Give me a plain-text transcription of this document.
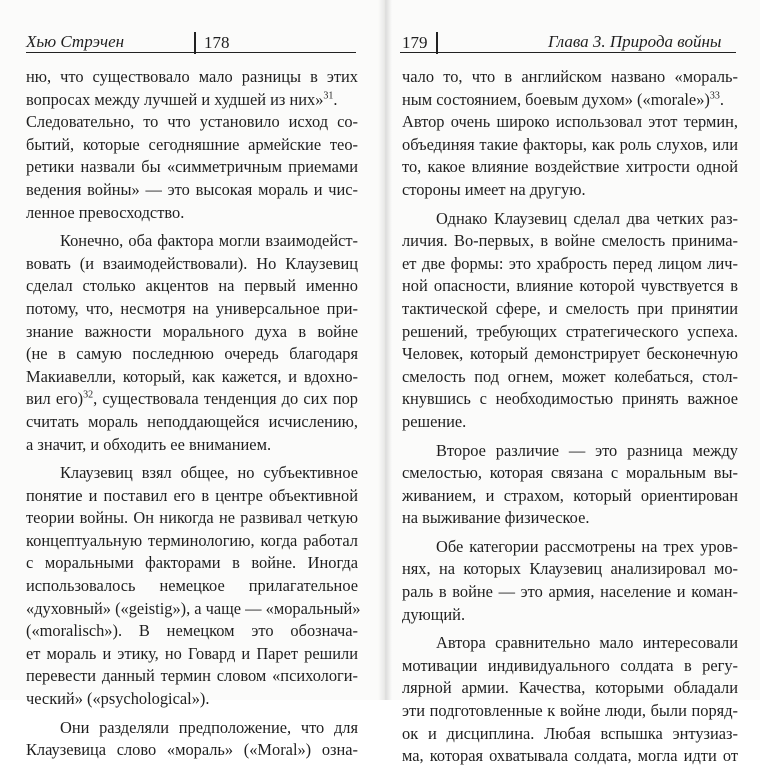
Хью Стрэчен	178
ню, что существовало мало разницы в этих
вопросах между лучшей и худшей из них»$^{31}$.
Следовательно, то что установило исход со-
бытий, которые сегодняшние армейские тео-
ретики назвали бы «симметричным приемами
ведения войны» — это высокая мораль и чис-
ленное превосходство.
Конечно, оба фактора могли взаимодейст-
вовать (и взаимодействовали). Но Клаузевиц
сделал столько акцентов на первый именно
потому, что, несмотря на универсальное при-
знание важности морального духа в войне
(не в самую последнюю очередь благодаря
Макиавелли, который, как кажется, и вдохно-
вил его)$^{32}$, существовала тенденция до сих пор
считать мораль неподдающейся исчислению,
а значит, и обходить ее вниманием.
Клаузевиц взял общее, но субъективное
понятие и поставил его в центре объективной
теории войны. Он никогда не развивал четкую
концептуальную терминологию, когда работал
с моральными факторами в войне. Иногда
использовалось немецкое прилагательное
«духовный» («geistig»), а чаще — «моральный»
(«moralisch»). В немецком это обознача-
ет мораль и этику, но Говард и Парет решили
перевести данный термин словом «психологи-
ческий» («psychological»).
Они разделяли предположение, что для
Клаузевица слово «мораль» («Moral») озна-
179	Глава 3. Природа войны
чало то, что в английском названо «мораль-
ным состоянием, боевым духом» («morale»)$^{33}$.
Автор очень широко использовал этот термин,
объединяя такие факторы, как роль слухов, или
то, какое влияние воздействие хитрости одной
стороны имеет на другую.
Однако Клаузевиц сделал два четких раз-
личия. Во-первых, в войне смелость принима-
ет две формы: это храбрость перед лицом лич-
ной опасности, влияние которой чувствуется в
тактической сфере, и смелость при принятии
решений, требующих стратегического успеха.
Человек, который демонстрирует бесконечную
смелость под огнем, может колебаться, стол-
кнувшись с необходимостью принять важное
решение.
Второе различие — это разница между
смелостью, которая связана с моральным вы-
живанием, и страхом, который ориентирован
на выживание физическое.
Обе категории рассмотрены на трех уров-
нях, на которых Клаузевиц анализировал мо-
раль в войне — это армия, население и коман-
дующий.
Автора сравнительно мало интересовали
мотивации индивидуального солдата в регу-
лярной армии. Качества, которыми обладали
эти подготовленные к войне люди, были поряд-
ок и дисциплина. Любая вспышка энтузиаз-
ма, которая охватывала солдата, могла идти от
